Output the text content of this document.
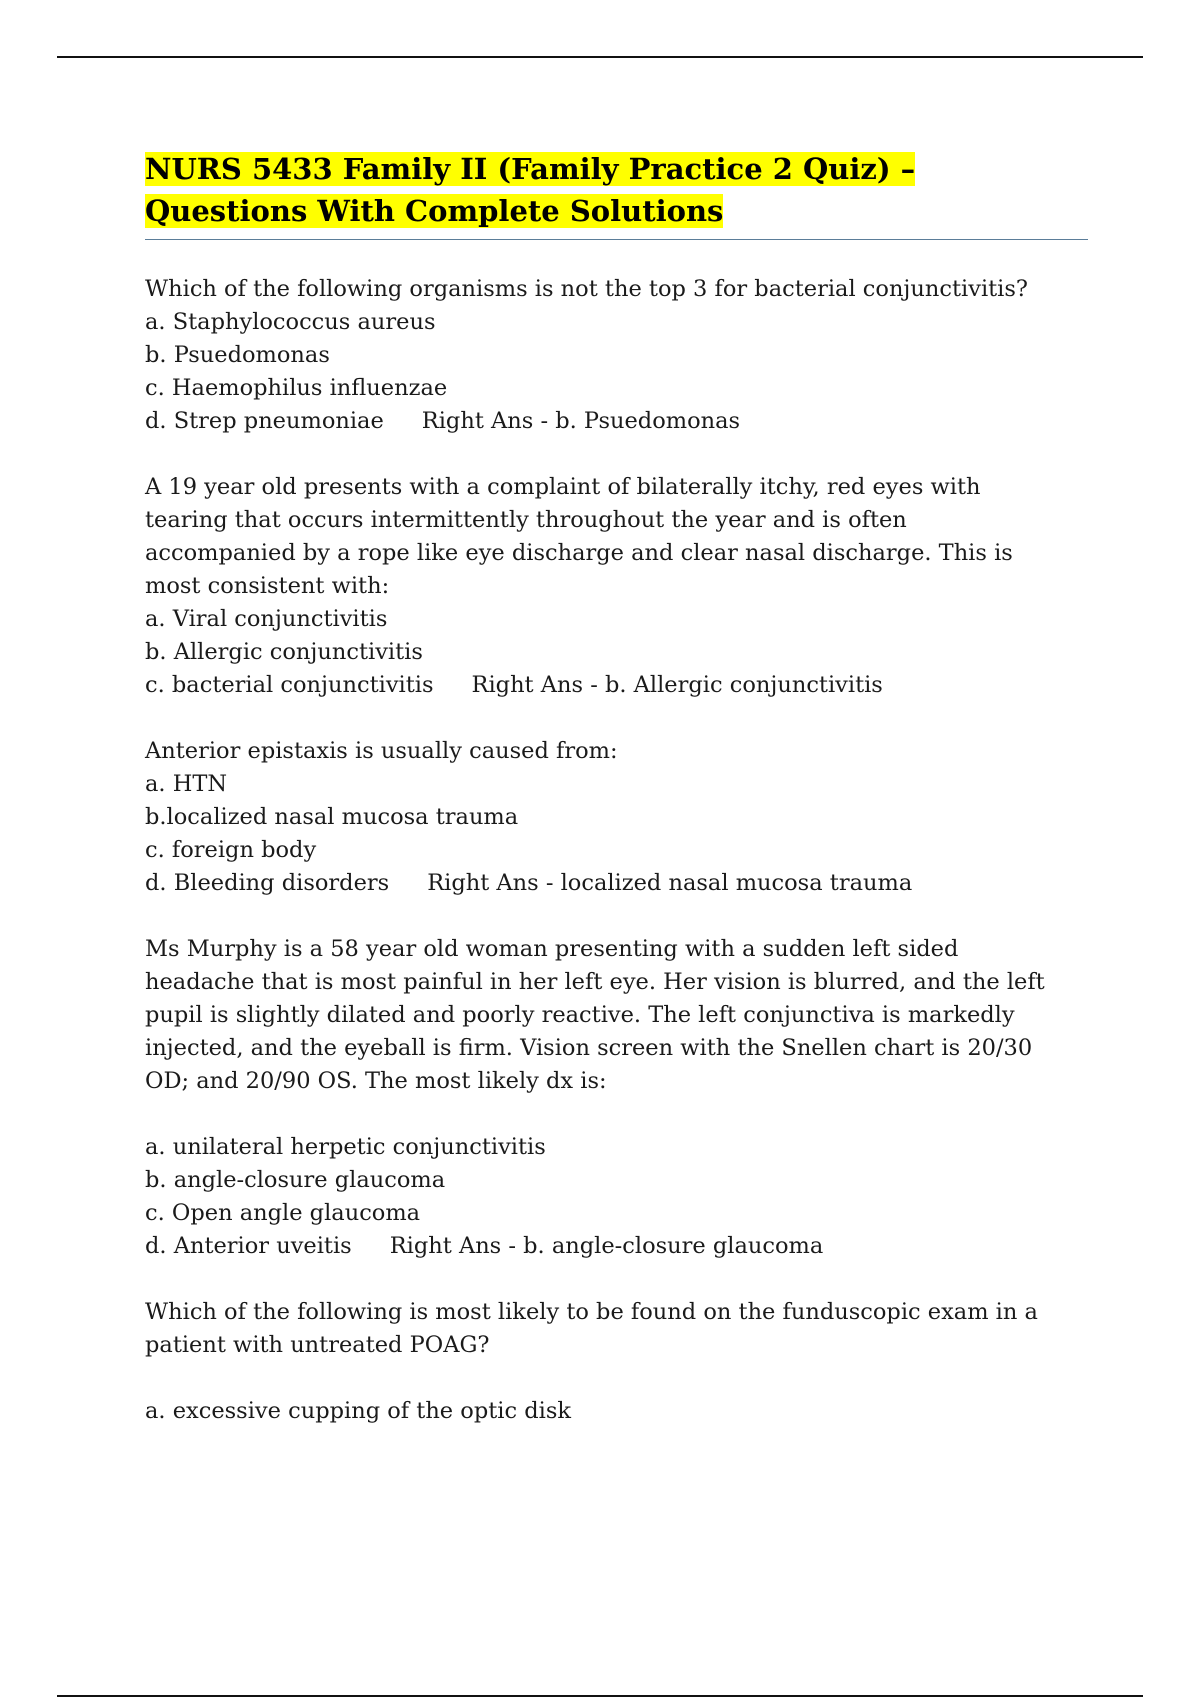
NURS 5433 Family II (Family Practice 2 Quiz) –
Questions With Complete Solutions
Which of the following organisms is not the top 3 for bacterial conjunctivitis?
a. Staphylococcus aureus
b. Psuedomonas
c. Haemophilus influenzae
d. Strep pneumoniae Right Ans - b. Psuedomonas
A 19 year old presents with a complaint of bilaterally itchy, red eyes with
tearing that occurs intermittently throughout the year and is often
accompanied by a rope like eye discharge and clear nasal discharge. This is
most consistent with:
a. Viral conjunctivitis
b. Allergic conjunctivitis
c. bacterial conjunctivitis Right Ans - b. Allergic conjunctivitis
Anterior epistaxis is usually caused from:
a. HTN
b.localized nasal mucosa trauma
c. foreign body
d. Bleeding disorders Right Ans - localized nasal mucosa trauma
Ms Murphy is a 58 year old woman presenting with a sudden left sided
headache that is most painful in her left eye. Her vision is blurred, and the left
pupil is slightly dilated and poorly reactive. The left conjunctiva is markedly
injected, and the eyeball is firm. Vision screen with the Snellen chart is 20/30
OD; and 20/90 OS. The most likely dx is:
a. unilateral herpetic conjunctivitis
b. angle-closure glaucoma
c. Open angle glaucoma
d. Anterior uveitis Right Ans - b. angle-closure glaucoma
Which of the following is most likely to be found on the funduscopic exam in a
patient with untreated POAG?
a. excessive cupping of the optic disk
